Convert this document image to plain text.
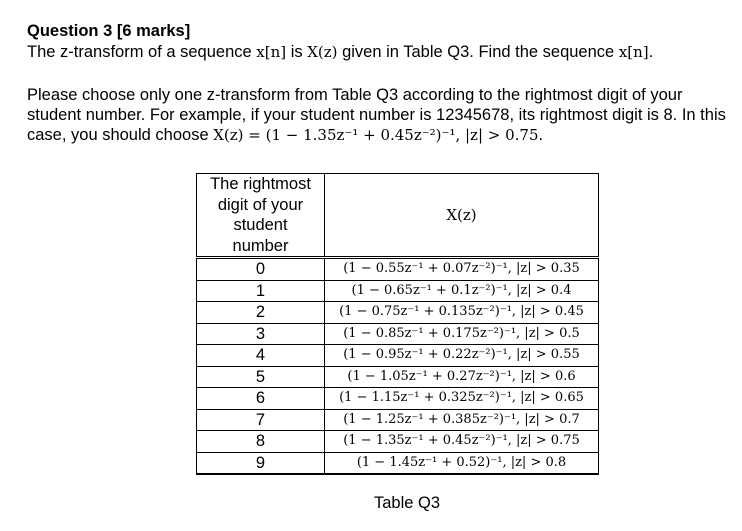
Question 3 [6 marks]
The z-transform of a sequence x[n] is X(z) given in Table Q3. Find the sequence x[n].
Please choose only one z-transform from Table Q3 according to the rightmost digit of your student number. For example, if your student number is 12345678, its rightmost digit is 8. In this case, you should choose X(z) = (1 − 1.35z⁻¹ + 0.45z⁻²)⁻¹, |z| > 0.75.
The rightmost
digit of your
student
number	X(z)
0	(1 − 0.55z⁻¹ + 0.07z⁻²)⁻¹, |z| > 0.35
1	(1 − 0.65z⁻¹ + 0.1z⁻²)⁻¹, |z| > 0.4
2	(1 − 0.75z⁻¹ + 0.135z⁻²)⁻¹, |z| > 0.45
3	(1 − 0.85z⁻¹ + 0.175z⁻²)⁻¹, |z| > 0.5
4	(1 − 0.95z⁻¹ + 0.22z⁻²)⁻¹, |z| > 0.55
5	(1 − 1.05z⁻¹ + 0.27z⁻²)⁻¹, |z| > 0.6
6	(1 − 1.15z⁻¹ + 0.325z⁻²)⁻¹, |z| > 0.65
7	(1 − 1.25z⁻¹ + 0.385z⁻²)⁻¹, |z| > 0.7
8	(1 − 1.35z⁻¹ + 0.45z⁻²)⁻¹, |z| > 0.75
9	(1 − 1.45z⁻¹ + 0.52)⁻¹, |z| > 0.8
Table Q3
